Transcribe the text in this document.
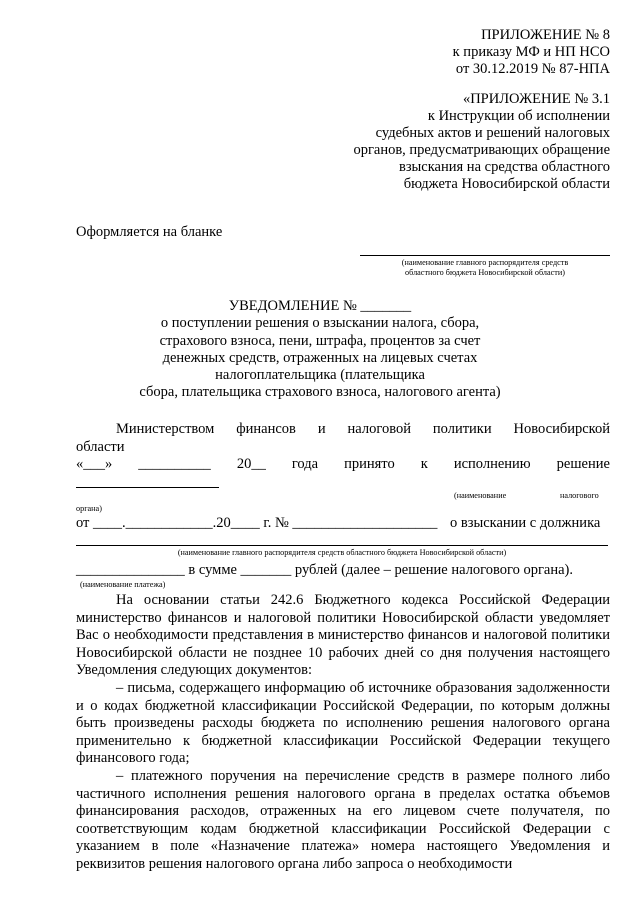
ПРИЛОЖЕНИЕ № 8
к приказу МФ и НП НСО
от 30.12.2019 № 87-НПА
«ПРИЛОЖЕНИЕ № 3.1
к Инструкции об исполнении
судебных актов и решений налоговых
органов, предусматривающих обращение
взыскания на средства областного
бюджета Новосибирской области
Оформляется на бланке
(наименование главного распорядителя средств
областного бюджета Новосибирской области)
УВЕДОМЛЕНИЕ № _______
о поступлении решения о взыскании налога, сбора,
страхового взноса, пени, штрафа, процентов за счет
денежных средств, отраженных на лицевых счетах
налогоплательщика (плательщика
сбора, плательщика страхового взноса, налогового агента)
Министерством финансов и налоговой политики Новосибирской
области
«___» __________ 20__ года принято к исполнению решение
(наименование	налогового
органа)
от ____.____________.20____ г. № ____________________ о взыскании с должника
(наименование главного распорядителя средств областного бюджета Новосибирской области)
_______________ в сумме _______ рублей (далее – решение налогового органа).
(наименование платежа)
На основании статьи 242.6 Бюджетного кодекса Российской Федерации министерство финансов и налоговой политики Новосибирской области уведомляет Вас о необходимости представления в министерство финансов и налоговой политики Новосибирской области не позднее 10 рабочих дней со дня получения настоящего Уведомления следующих документов:
– письма, содержащего информацию об источнике образования задолженности и о кодах бюджетной классификации Российской Федерации, по которым должны быть произведены расходы бюджета по исполнению решения налогового органа применительно к бюджетной классификации Российской Федерации текущего финансового года;
– платежного поручения на перечисление средств в размере полного либо частичного исполнения решения налогового органа в пределах остатка объемов финансирования расходов, отраженных на его лицевом счете получателя, по соответствующим кодам бюджетной классификации Российской Федерации с указанием в поле «Назначение платежа» номера настоящего Уведомления и реквизитов решения налогового органа либо запроса о необходимости
